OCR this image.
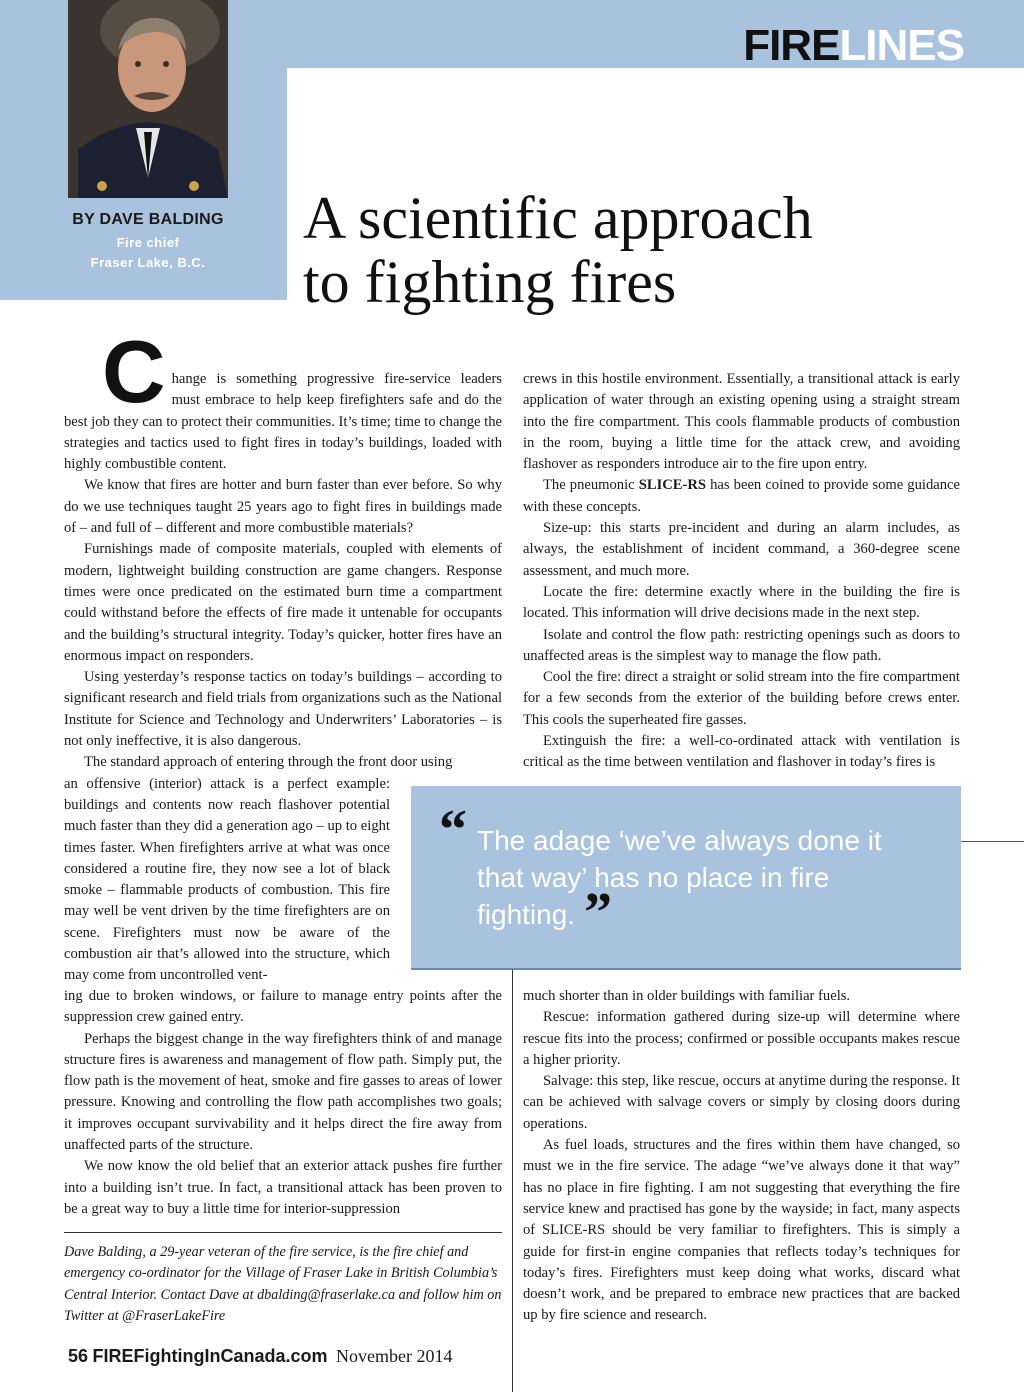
FIRELINES
BY DAVE BALDING
Fire chief
Fraser Lake, B.C.
A scientific approach
to fighting fires

Change is something progressive fire-service leaders must embrace to help keep firefighters safe and do the best job they can to protect their communities. It’s time; time to change the strategies and tactics used to fight fires in today’s buildings, loaded with highly combustible content.

We know that fires are hotter and burn faster than ever before. So why do we use techniques taught 25 years ago to fight fires in buildings made of – and full of – different and more combustible materials?

Furnishings made of composite materials, coupled with elements of modern, lightweight building construction are game changers. Response times were once predicated on the estimated burn time a compartment could withstand before the effects of fire made it untenable for occupants and the building’s structural integrity. Today’s quicker, hotter fires have an enormous impact on responders.

Using yesterday’s response tactics on today’s buildings – according to significant research and field trials from organizations such as the National Institute for Science and Technology and Underwriters’ Laboratories – is not only ineffective, it is also dangerous.

The standard approach of entering through the front door using

an offensive (interior) attack is a perfect example: buildings and contents now reach flashover potential much faster than they did a generation ago – up to eight times faster. When firefighters arrive at what was once considered a routine fire, they now see a lot of black smoke – flammable products of combustion. This fire may well be vent driven by the time firefighters are on scene. Firefighters must now be aware of the combustion air that’s allowed into the structure, which may come from uncontrolled vent-

ing due to broken windows, or failure to manage entry points after the suppression crew gained entry.

Perhaps the biggest change in the way firefighters think of and manage structure fires is awareness and management of flow path. Simply put, the flow path is the movement of heat, smoke and fire gasses to areas of lower pressure. Knowing and controlling the flow path accomplishes two goals; it improves occupant survivability and it helps direct the fire away from unaffected parts of the structure.

We now know the old belief that an exterior attack pushes fire further into a building isn’t true. In fact, a transitional attack has been proven to be a great way to buy a little time for interior-suppression

crews in this hostile environment. Essentially, a transitional attack is early application of water through an existing opening using a straight stream into the fire compartment. This cools flammable products of combustion in the room, buying a little time for the attack crew, and avoiding flashover as responders introduce air to the fire upon entry.

The pneumonic SLICE-RS has been coined to provide some guidance with these concepts.

Size-up: this starts pre-incident and during an alarm includes, as always, the establishment of incident command, a 360-degree scene assessment, and much more.

Locate the fire: determine exactly where in the building the fire is located. This information will drive decisions made in the next step.

Isolate and control the flow path: restricting openings such as doors to unaffected areas is the simplest way to manage the flow path.

Cool the fire: direct a straight or solid stream into the fire compartment for a few seconds from the exterior of the building before crews enter. This cools the superheated fire gasses.

Extinguish the fire: a well-co-ordinated attack with ventilation is critical as the time between ventilation and flashover in today’s fires is

“ The adage ‘we’ve always done it that way’ has no place in fire fighting. ”

much shorter than in older buildings with familiar fuels.

Rescue: information gathered during size-up will determine where rescue fits into the process; confirmed or possible occupants makes rescue a higher priority.

Salvage: this step, like rescue, occurs at anytime during the response. It can be achieved with salvage covers or simply by closing doors during operations.

As fuel loads, structures and the fires within them have changed, so must we in the fire service. The adage “we’ve always done it that way” has no place in fire fighting. I am not suggesting that everything the fire service knew and practised has gone by the wayside; in fact, many aspects of SLICE-RS should be very familiar to firefighters. This is simply a guide for first-in engine companies that reflects today’s techniques for today’s fires. Firefighters must keep doing what works, discard what doesn’t work, and be prepared to embrace new practices that are backed up by fire science and research.

Dave Balding, a 29-year veteran of the fire service, is the fire chief and emergency co-ordinator for the Village of Fraser Lake in British Columbia’s Central Interior. Contact Dave at dbalding@fraserlake.ca and follow him on Twitter at @FraserLakeFire
56 FIREFightingInCanada.com November 2014
